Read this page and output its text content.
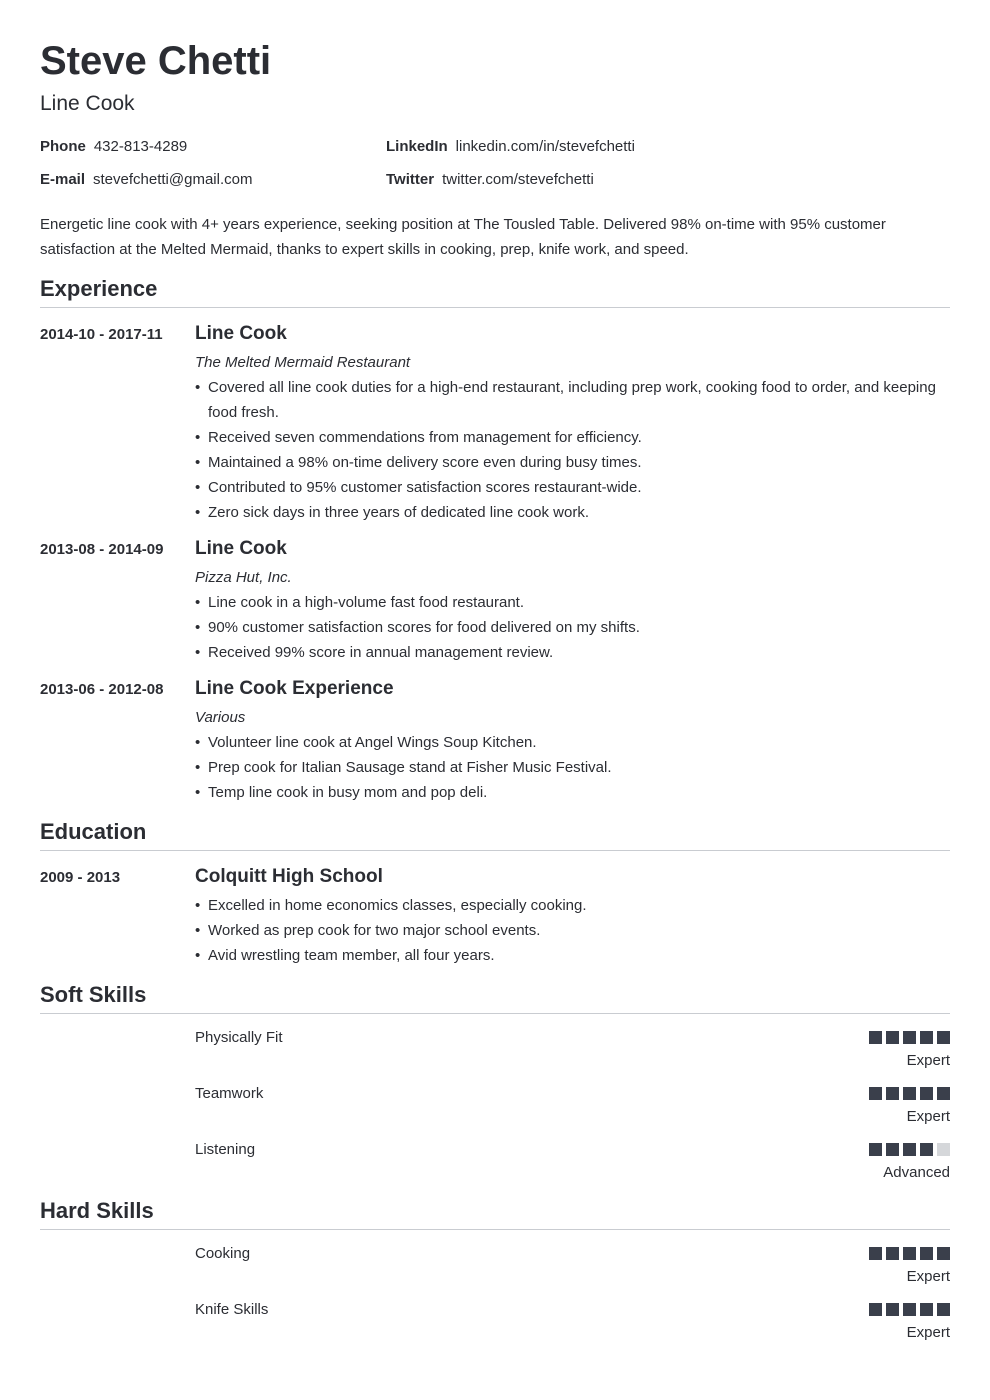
Steve Chetti
Line Cook
Phone 432-813-4289
E-mail stevefchetti@gmail.com
LinkedIn linkedin.com/in/stevefchetti
Twitter twitter.com/stevefchetti

Energetic line cook with 4+ years experience, seeking position at The Tousled Table. Delivered 98% on-time with 95% customer satisfaction at the Melted Mermaid, thanks to expert skills in cooking, prep, knife work, and speed.

Experience
2014-10 - 2017-11 Line Cook
The Melted Mermaid Restaurant
• Covered all line cook duties for a high-end restaurant, including prep work, cooking food to order, and keeping food fresh.
• Received seven commendations from management for efficiency.
• Maintained a 98% on-time delivery score even during busy times.
• Contributed to 95% customer satisfaction scores restaurant-wide.
• Zero sick days in three years of dedicated line cook work.
2013-08 - 2014-09 Line Cook
Pizza Hut, Inc.
• Line cook in a high-volume fast food restaurant.
• 90% customer satisfaction scores for food delivered on my shifts.
• Received 99% score in annual management review.
2013-06 - 2012-08 Line Cook Experience
Various
• Volunteer line cook at Angel Wings Soup Kitchen.
• Prep cook for Italian Sausage stand at Fisher Music Festival.
• Temp line cook in busy mom and pop deli.
Education
2009 - 2013	Colquitt High School
• Excelled in home economics classes, especially cooking.
• Worked as prep cook for two major school events.
• Avid wrestling team member, all four years.
Soft Skills
Physically Fit
Expert
Teamwork
Expert
Listening
Advanced
Hard Skills
Cooking
Expert
Knife Skills
Expert
